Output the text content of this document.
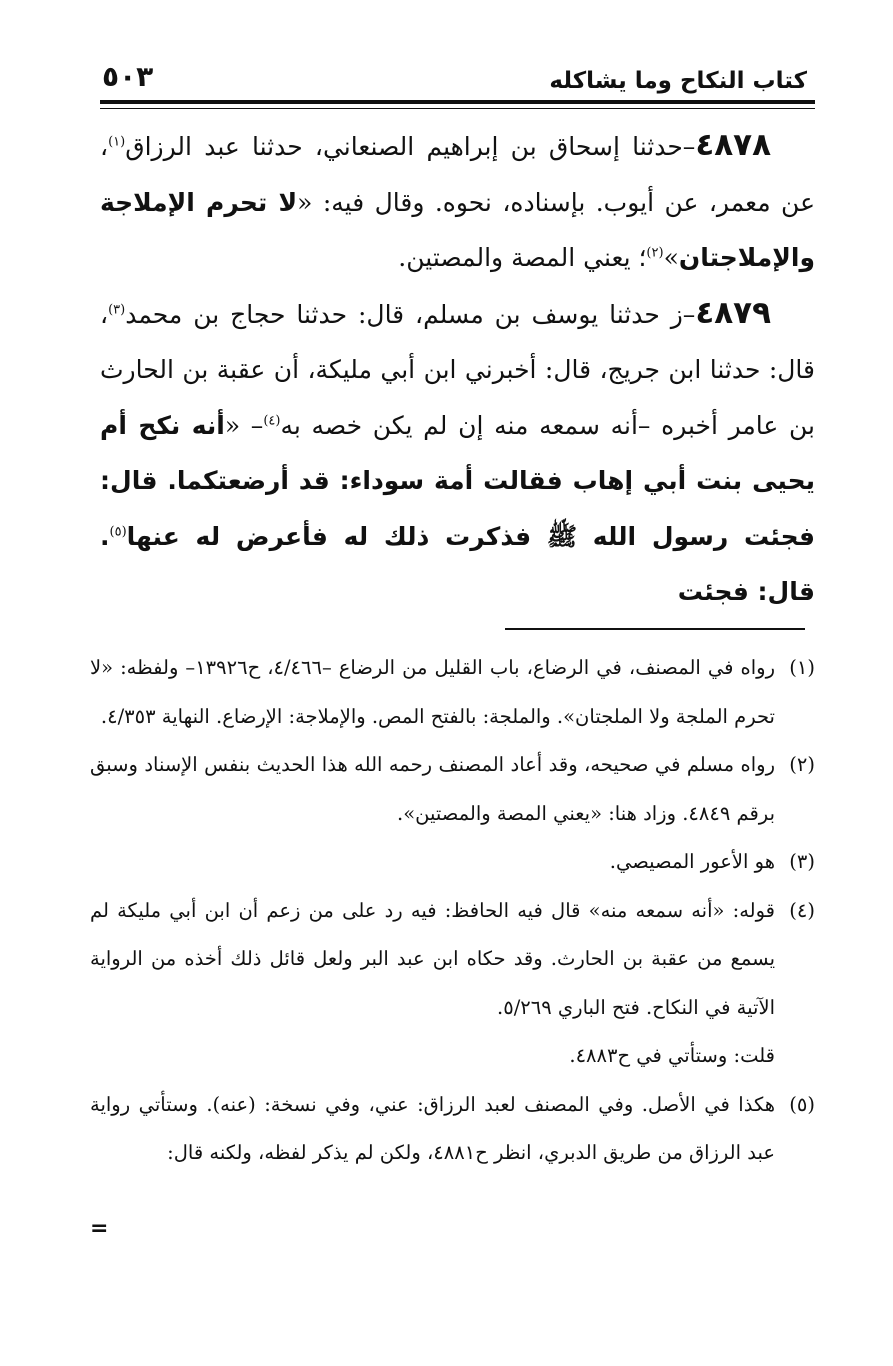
كتاب النكاح وما يشاكله
٥٠٣

٤٨٧٨–حدثنا إسحاق بن إبراهيم الصنعاني، حدثنا عبد الرزاق$^{(١)}$، عن معمر، عن أيوب. بإسناده، نحوه. وقال فيه: «لا تحرم الإملاجة والإملاجتان»$^{(٢)}$؛ يعني المصة والمصتين.

٤٨٧٩–ز حدثنا يوسف بن مسلم، قال: حدثنا حجاج بن محمد$^{(٣)}$، قال: حدثنا ابن جريج، قال: أخبرني ابن أبي مليكة، أن عقبة بن الحارث بن عامر أخبره –أنه سمعه منه إن لم يكن خصه به$^{(٤)}$– «أنه نكح أم يحيى بنت أبي إهاب فقالت أمة سوداء: قد أرضعتكما. قال: فجئت رسول الله ﷺ فذكرت ذلك له فأعرض له عنها$^{(٥)}$. قال: فجئت

(١)
رواه في المصنف، في الرضاع، باب القليل من الرضاع –٤/٤٦٦، ح١٣٩٢٦– ولفظه: «لا تحرم الملجة ولا الملجتان». والملجة: بالفتح المص. والإملاجة: الإرضاع. النهاية ٤/٣٥٣.
(٢)
رواه مسلم في صحيحه، وقد أعاد المصنف رحمه الله هذا الحديث بنفس الإسناد وسبق برقم ٤٨٤٩. وزاد هنا: «يعني المصة والمصتين».
(٣)
هو الأعور المصيصي.
(٤)
قوله: «أنه سمعه منه» قال فيه الحافظ: فيه رد على من زعم أن ابن أبي مليكة لم يسمع من عقبة بن الحارث. وقد حكاه ابن عبد البر ولعل قائل ذلك أخذه من الرواية الآتية في النكاح. فتح الباري ٥/٢٦٩.
قلت: وستأتي في ح٤٨٨٣.
(٥)
هكذا في الأصل. وفي المصنف لعبد الرزاق: عني، وفي نسخة: (عنه). وستأتي رواية عبد الرزاق من طريق الدبري، انظر ح٤٨٨١، ولكن لم يذكر لفظه، ولكنه قال:
=
